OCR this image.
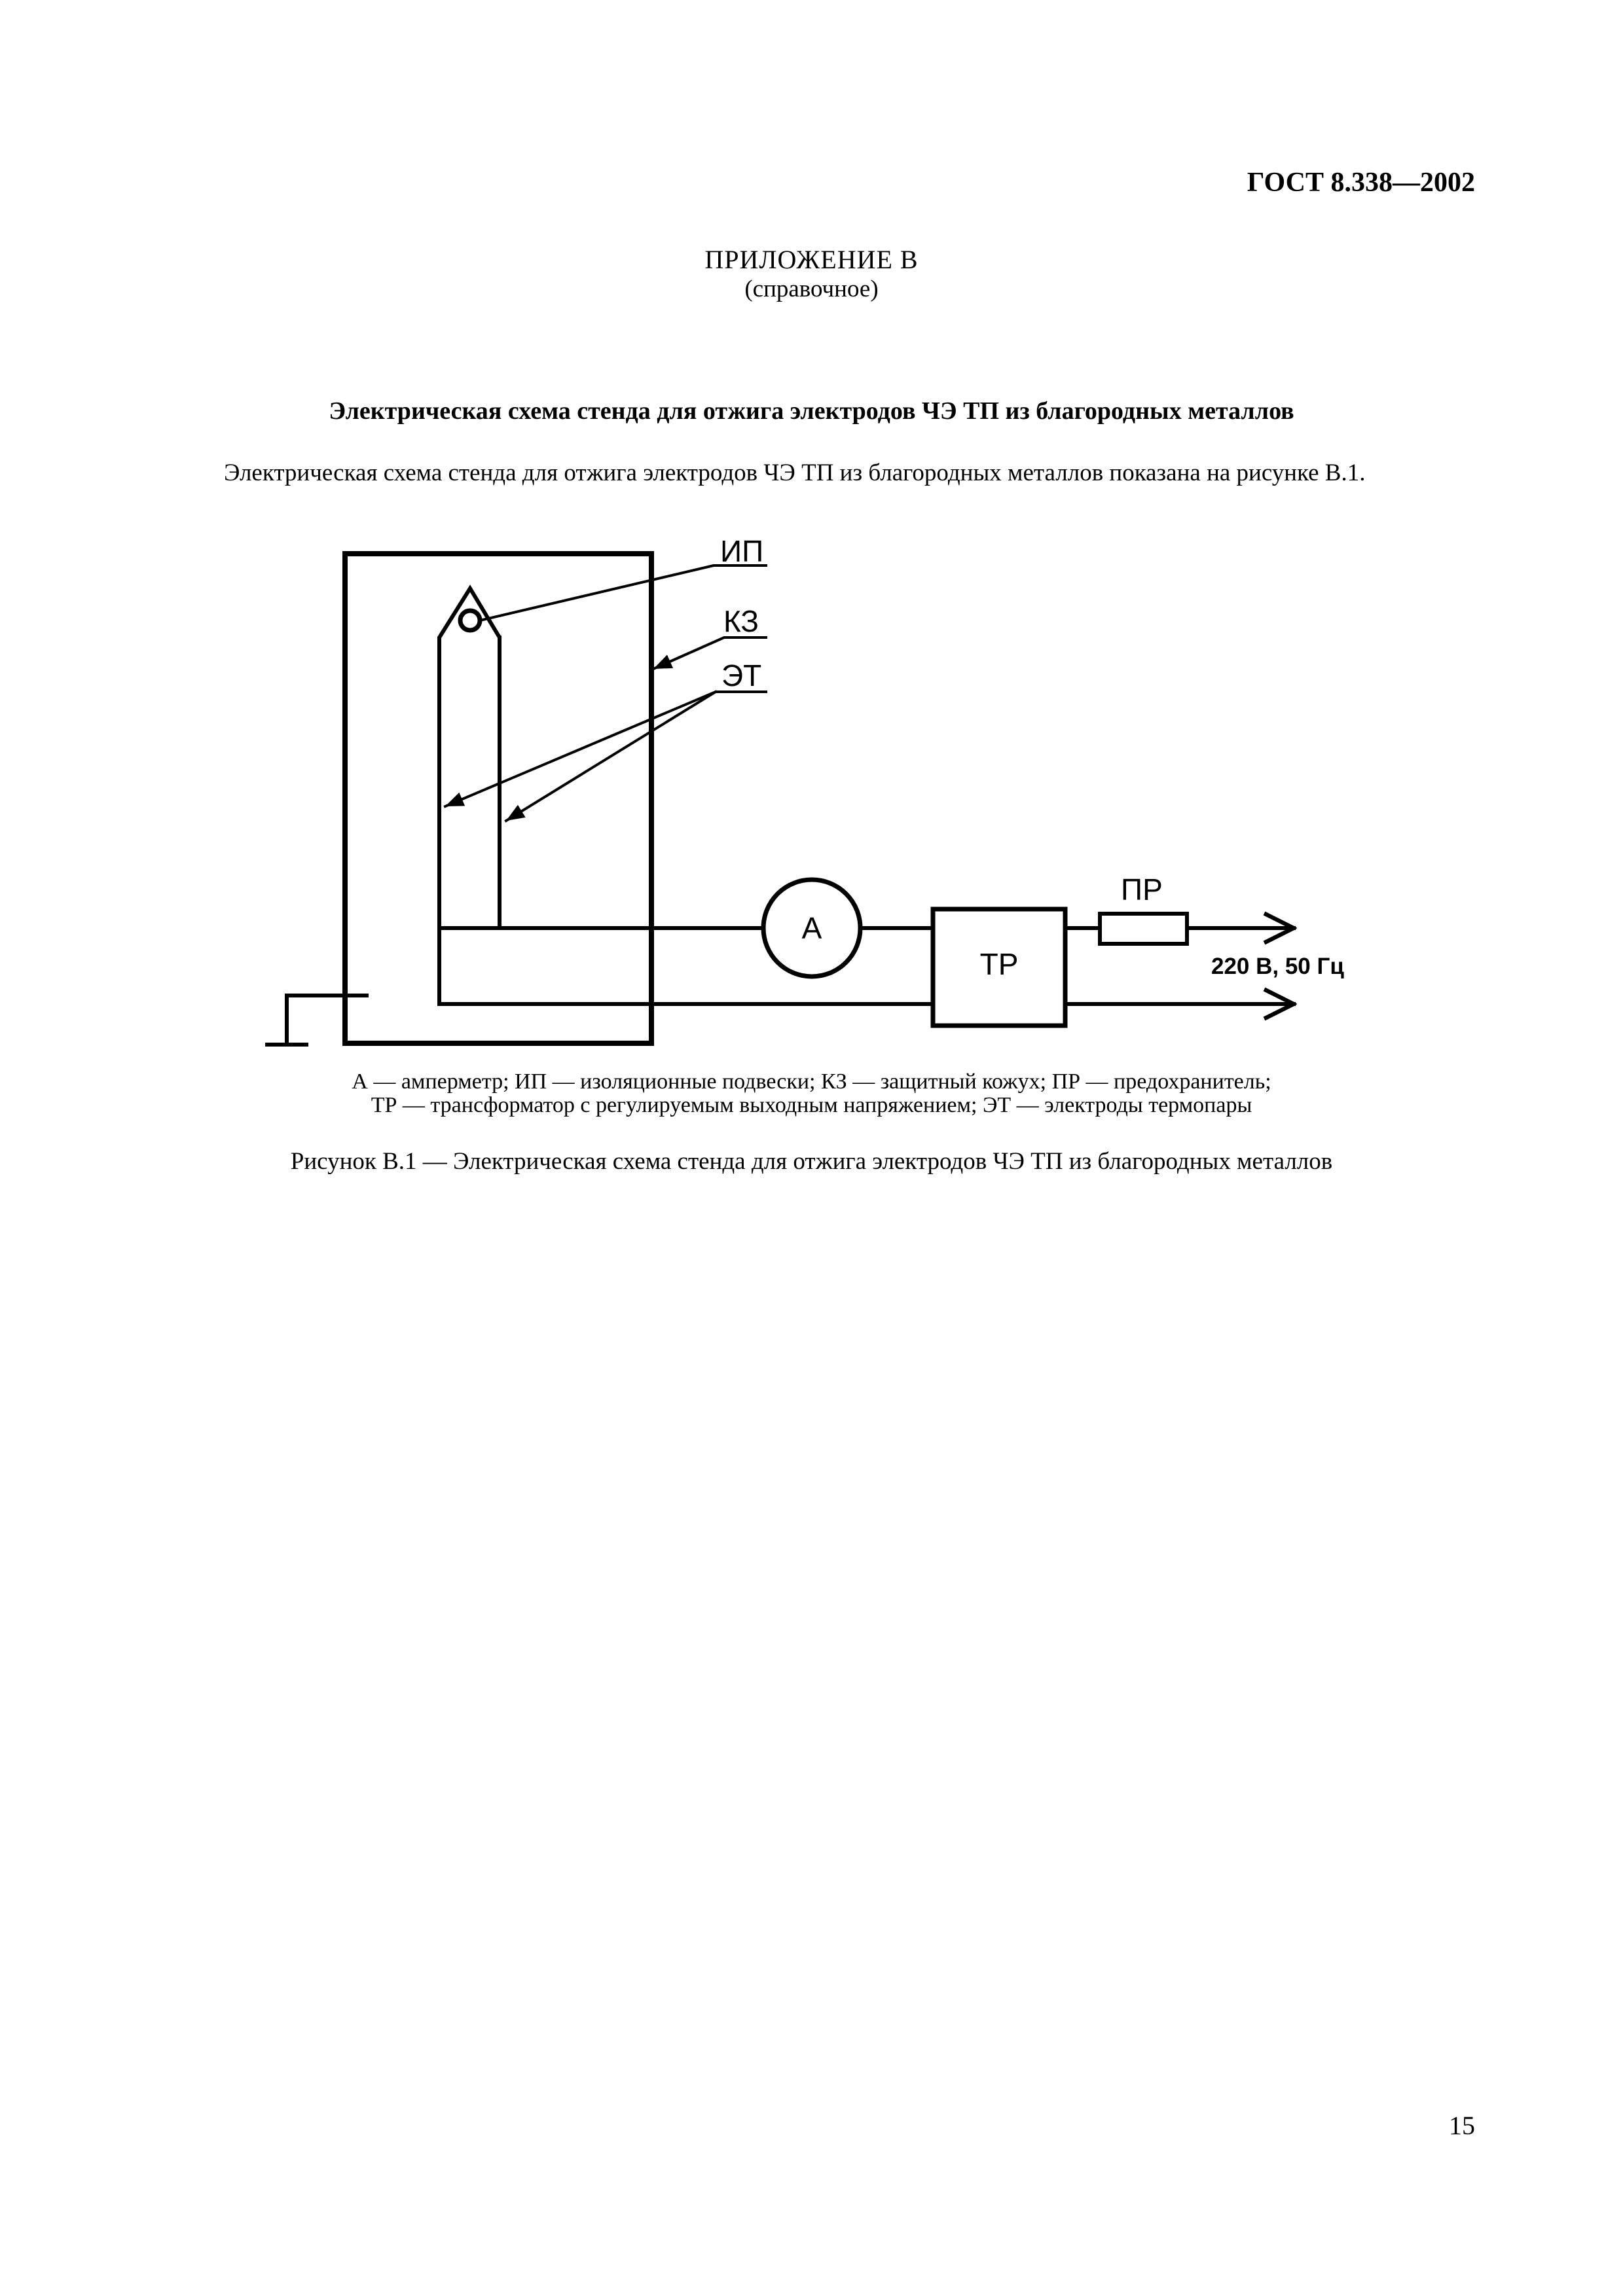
ГОСТ 8.338—2002
ПРИЛОЖЕНИЕ В
(справочное)
Электрическая схема стенда для отжига электродов ЧЭ ТП из благородных металлов
Электрическая схема стенда для отжига электродов ЧЭ ТП из благородных металлов показана на рисунке В.1.
ИП
КЗ
ЭТ
ПР
А
ТР	220 В, 50 Гц
А — амперметр; ИП — изоляционные подвески; КЗ — защитный кожух; ПР — предохранитель;
ТР — трансформатор с регулируемым выходным напряжением; ЭТ — электроды термопары
Рисунок В.1 — Электрическая схема стенда для отжига электродов ЧЭ ТП из благородных металлов
15
